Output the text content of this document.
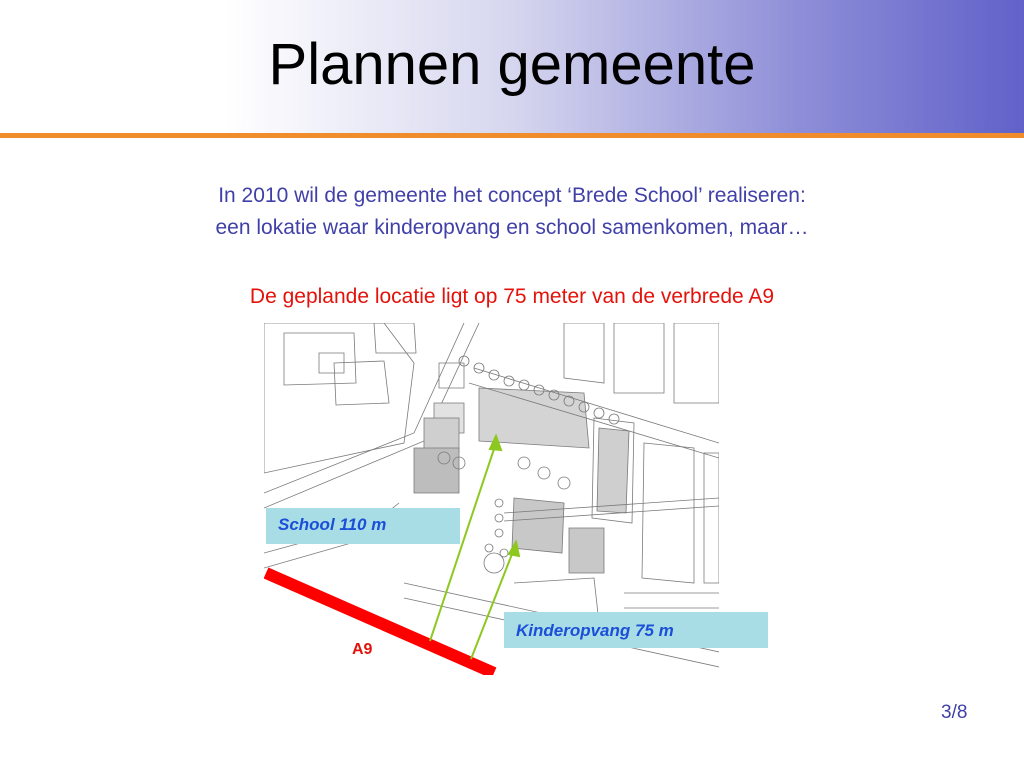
Plannen gemeente
In 2010 wil de gemeente het concept ‘Brede School’ realiseren:
een lokatie waar kinderopvang en school samenkomen, maar…
De geplande locatie ligt op 75 meter van de verbrede A9
School 110 m
Kinderopvang 75 m
A9
3/8
